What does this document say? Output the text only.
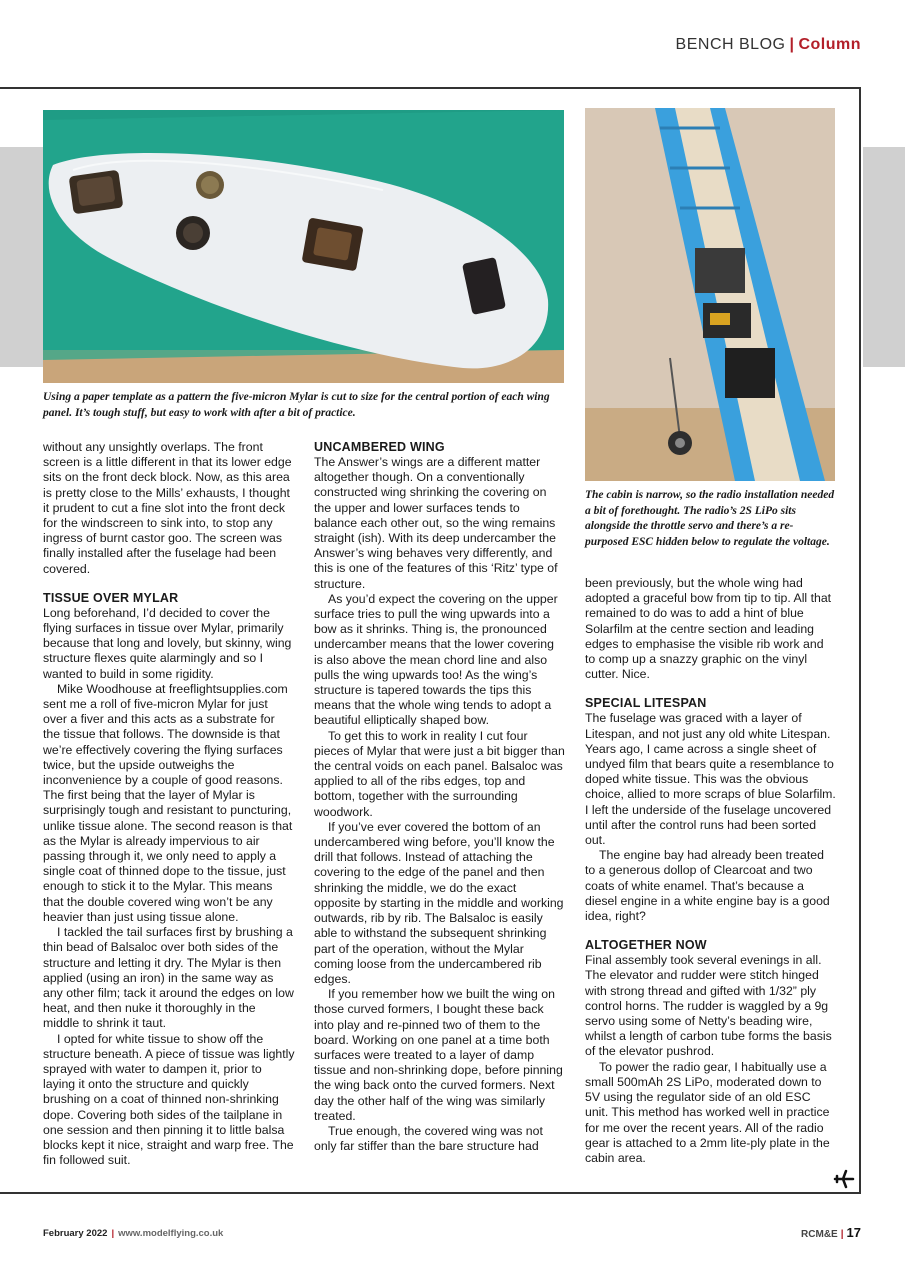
BENCH BLOG | Column
Using a paper template as a pattern the five-micron Mylar is cut to size for the central portion of each wing panel. It’s tough stuff, but easy to work with after a bit of practice.
The cabin is narrow, so the radio installation needed a bit of forethought. The radio’s 2S LiPo sits alongside the throttle servo and there’s a re-purposed ESC hidden below to regulate the voltage.

without any unsightly overlaps. The front screen is a little different in that its lower edge sits on the front deck block. Now, as this area is pretty close to the Mills’ exhausts, I thought it prudent to cut a fine slot into the front deck for the windscreen to sink into, to stop any ingress of burnt castor goo. The screen was finally installed after the fuselage had been covered.

TISSUE OVER MYLAR

Long beforehand, I’d decided to cover the flying surfaces in tissue over Mylar, primarily because that long and lovely, but skinny, wing structure flexes quite alarmingly and so I wanted to build in some rigidity.

Mike Woodhouse at freeflightsupplies.com sent me a roll of five-micron Mylar for just over a fiver and this acts as a substrate for the tissue that follows. The downside is that we’re effectively covering the flying surfaces twice, but the upside outweighs the inconvenience by a couple of good reasons. The first being that the layer of Mylar is surprisingly tough and resistant to puncturing, unlike tissue alone. The second reason is that as the Mylar is already impervious to air passing through it, we only need to apply a single coat of thinned dope to the tissue, just enough to stick it to the Mylar. This means that the double covered wing won’t be any heavier than just using tissue alone.

I tackled the tail surfaces first by brushing a thin bead of Balsaloc over both sides of the structure and letting it dry. The Mylar is then applied (using an iron) in the same way as any other film; tack it around the edges on low heat, and then nuke it thoroughly in the middle to shrink it taut.

I opted for white tissue to show off the structure beneath. A piece of tissue was lightly sprayed with water to dampen it, prior to laying it onto the structure and quickly brushing on a coat of thinned non-shrinking dope. Covering both sides of the tailplane in one session and then pinning it to little balsa blocks kept it nice, straight and warp free. The fin followed suit.

UNCAMBERED WING

The Answer’s wings are a different matter altogether though. On a conventionally constructed wing shrinking the covering on the upper and lower surfaces tends to balance each other out, so the wing remains straight (ish). With its deep undercamber the Answer’s wing behaves very differently, and this is one of the features of this ‘Ritz’ type of structure.

As you’d expect the covering on the upper surface tries to pull the wing upwards into a bow as it shrinks. Thing is, the pronounced undercamber means that the lower covering is also above the mean chord line and also pulls the wing upwards too! As the wing’s structure is tapered towards the tips this means that the whole wing tends to adopt a beautiful elliptically shaped bow.

To get this to work in reality I cut four pieces of Mylar that were just a bit bigger than the central voids on each panel. Balsaloc was applied to all of the ribs edges, top and bottom, together with the surrounding woodwork.

If you’ve ever covered the bottom of an undercambered wing before, you’ll know the drill that follows. Instead of attaching the covering to the edge of the panel and then shrinking the middle, we do the exact opposite by starting in the middle and working outwards, rib by rib. The Balsaloc is easily able to withstand the subsequent shrinking part of the operation, without the Mylar coming loose from the undercambered rib edges.

If you remember how we built the wing on those curved formers, I bought these back into play and re-pinned two of them to the board. Working on one panel at a time both surfaces were treated to a layer of damp tissue and non-shrinking dope, before pinning the wing back onto the curved formers. Next day the other half of the wing was similarly treated.

True enough, the covered wing was not only far stiffer than the bare structure had

been previously, but the whole wing had adopted a graceful bow from tip to tip. All that remained to do was to add a hint of blue Solarfilm at the centre section and leading edges to emphasise the visible rib work and to comp up a snazzy graphic on the vinyl cutter. Nice.

SPECIAL LITESPAN

The fuselage was graced with a layer of Litespan, and not just any old white Litespan. Years ago, I came across a single sheet of undyed film that bears quite a resemblance to doped white tissue. This was the obvious choice, allied to more scraps of blue Solarfilm. I left the underside of the fuselage uncovered until after the control runs had been sorted out.

The engine bay had already been treated to a generous dollop of Clearcoat and two coats of white enamel. That’s because a diesel engine in a white engine bay is a good idea, right?

ALTOGETHER NOW

Final assembly took several evenings in all. The elevator and rudder were stitch hinged with strong thread and gifted with 1/32” ply control horns. The rudder is waggled by a 9g servo using some of Netty’s beading wire, whilst a length of carbon tube forms the basis of the elevator pushrod.

To power the radio gear, I habitually use a small 500mAh 2S LiPo, moderated down to 5V using the regulator side of an old ESC unit. This method has worked well in practice for me over the recent years. All of the radio gear is attached to a 2mm lite-ply plate in the cabin area.

February 2022 | www.modelflying.co.uk	RCM&E | 17
